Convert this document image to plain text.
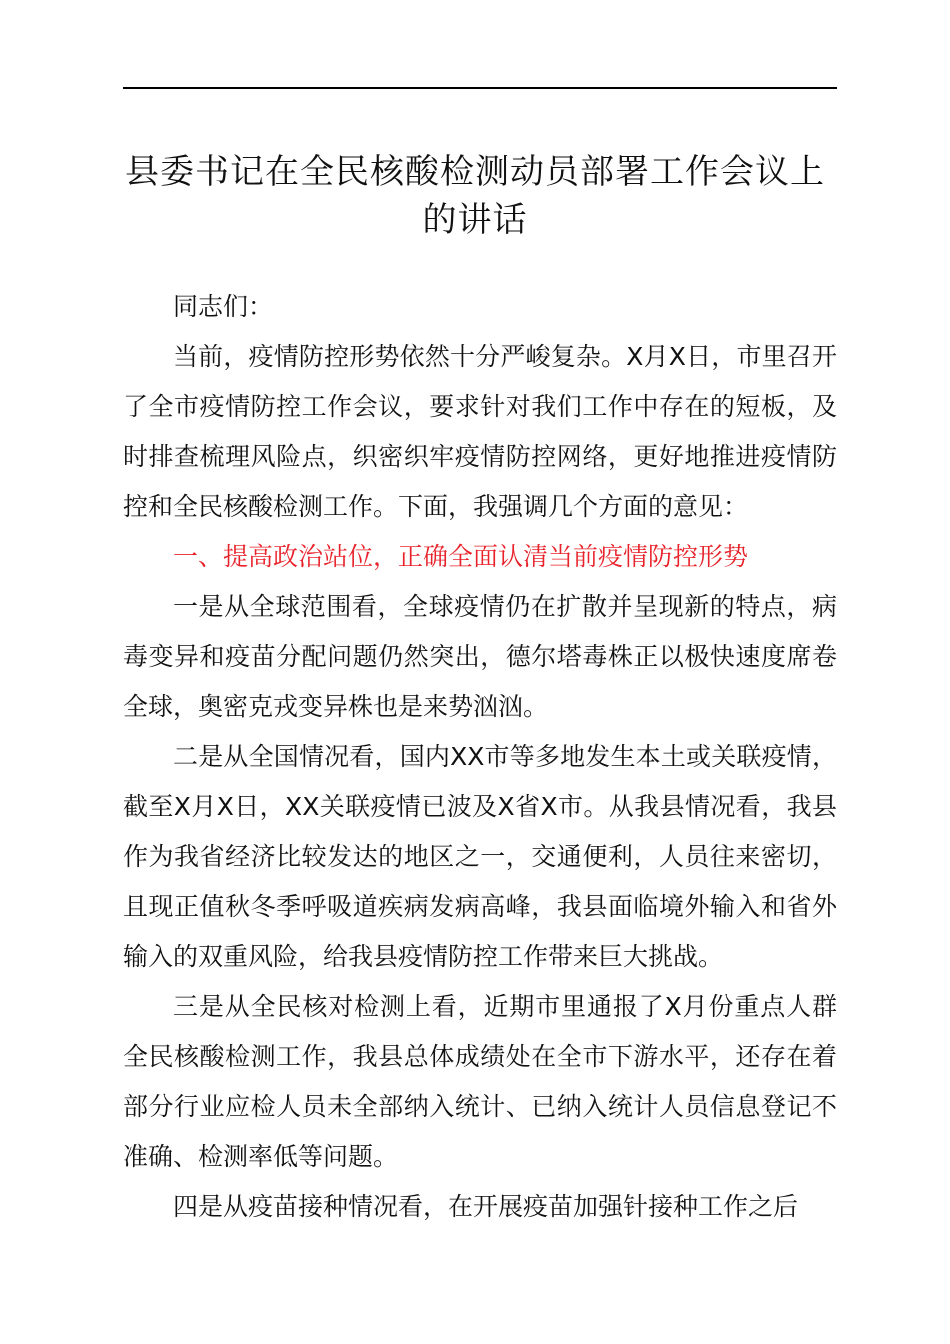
县委书记在全民核酸检测动员部署工作会议上
的讲话

同志们：

当前，疫情防控形势依然十分严峻复杂。X月X日，市里召开了全市疫情防控工作会议，要求针对我们工作中存在的短板，及时排查梳理风险点，织密织牢疫情防控网络，更好地推进疫情防控和全民核酸检测工作。下面，我强调几个方面的意见：

一、提高政治站位，正确全面认清当前疫情防控形势

一是从全球范围看，全球疫情仍在扩散并呈现新的特点，病毒变异和疫苗分配问题仍然突出，德尔塔毒株正以极快速度席卷全球，奥密克戎变异株也是来势汹汹。

二是从全国情况看，国内XX市等多地发生本土或关联疫情，截至X月X日，XX关联疫情已波及X省X市。从我县情况看，我县作为我省经济比较发达的地区之一，交通便利，人员往来密切，且现正值秋冬季呼吸道疾病发病高峰，我县面临境外输入和省外输入的双重风险，给我县疫情防控工作带来巨大挑战。

三是从全民核对检测上看，近期市里通报了X月份重点人群全民核酸检测工作，我县总体成绩处在全市下游水平，还存在着部分行业应检人员未全部纳入统计、已纳入统计人员信息登记不准确、检测率低等问题。

四是从疫苗接种情况看，在开展疫苗加强针接种工作之后
